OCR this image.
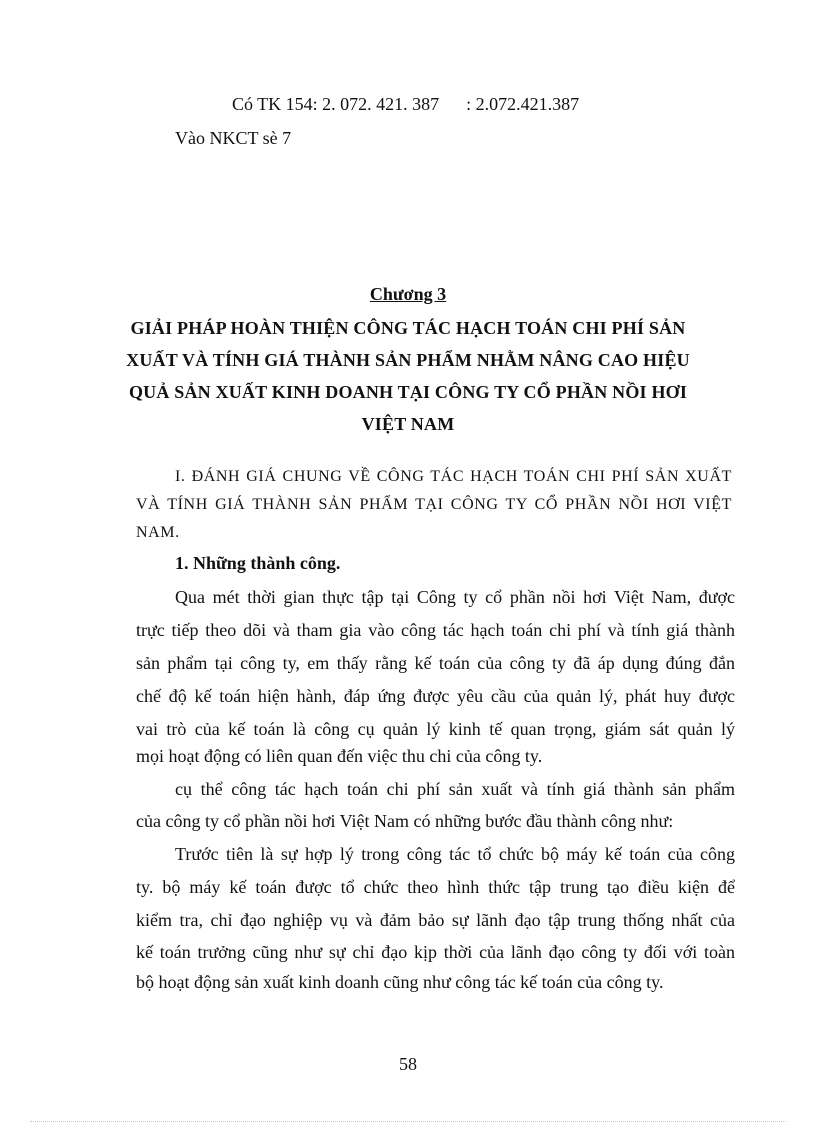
Có TK 154: 2. 072. 421. 387      : 2.072.421.387
Vào NKCT sè 7
Chương 3
GIẢI PHÁP HOÀN THIỆN CÔNG TÁC HẠCH TOÁN CHI PHÍ SẢN
XUẤT VÀ TÍNH GIÁ THÀNH SẢN PHẨM NHẰM NÂNG CAO HIỆU
QUẢ SẢN XUẤT KINH DOANH TẠI CÔNG TY CỔ PHẦN NỒI HƠI
VIỆT NAM
I. ĐÁNH GIÁ CHUNG VỀ CÔNG TÁC HẠCH TOÁN CHI PHÍ SẢN XUẤT
VÀ TÍNH GIÁ THÀNH SẢN PHẨM TẠI CÔNG TY CỔ PHẦN NỒI HƠI VIỆT
NAM.
1. Những thành công.
Qua mét thời gian thực tập tại Công ty cổ phần nồi hơi Việt Nam, được
trực tiếp theo dõi và tham gia vào công tác hạch toán chi phí và tính giá thành
sản phẩm tại công ty, em thấy rằng kế toán của công ty đã áp dụng đúng đắn
chế độ kế toán hiện hành, đáp ứng được yêu cầu của quản lý, phát huy được
vai trò của kế toán là công cụ quản lý kinh tế quan trọng, giám sát quản lý
mọi hoạt động có liên quan đến việc thu chi của công ty.
cụ thể công tác hạch toán chi phí sản xuất và tính giá thành sản phẩm
của công ty cổ phần nồi hơi Việt Nam có những bước đầu thành công như:
Trước tiên là sự hợp lý trong công tác tổ chức bộ máy kế toán của công
ty. bộ máy kế toán được tổ chức theo hình thức tập trung tạo điều kiện để
kiểm tra, chỉ đạo nghiệp vụ và đảm bảo sự lãnh đạo tập trung thống nhất của
kế toán trưởng cũng như sự chỉ đạo kịp thời của lãnh đạo công ty đối với toàn
bộ hoạt động sản xuất kinh doanh cũng như công tác kế toán của công ty.
58
